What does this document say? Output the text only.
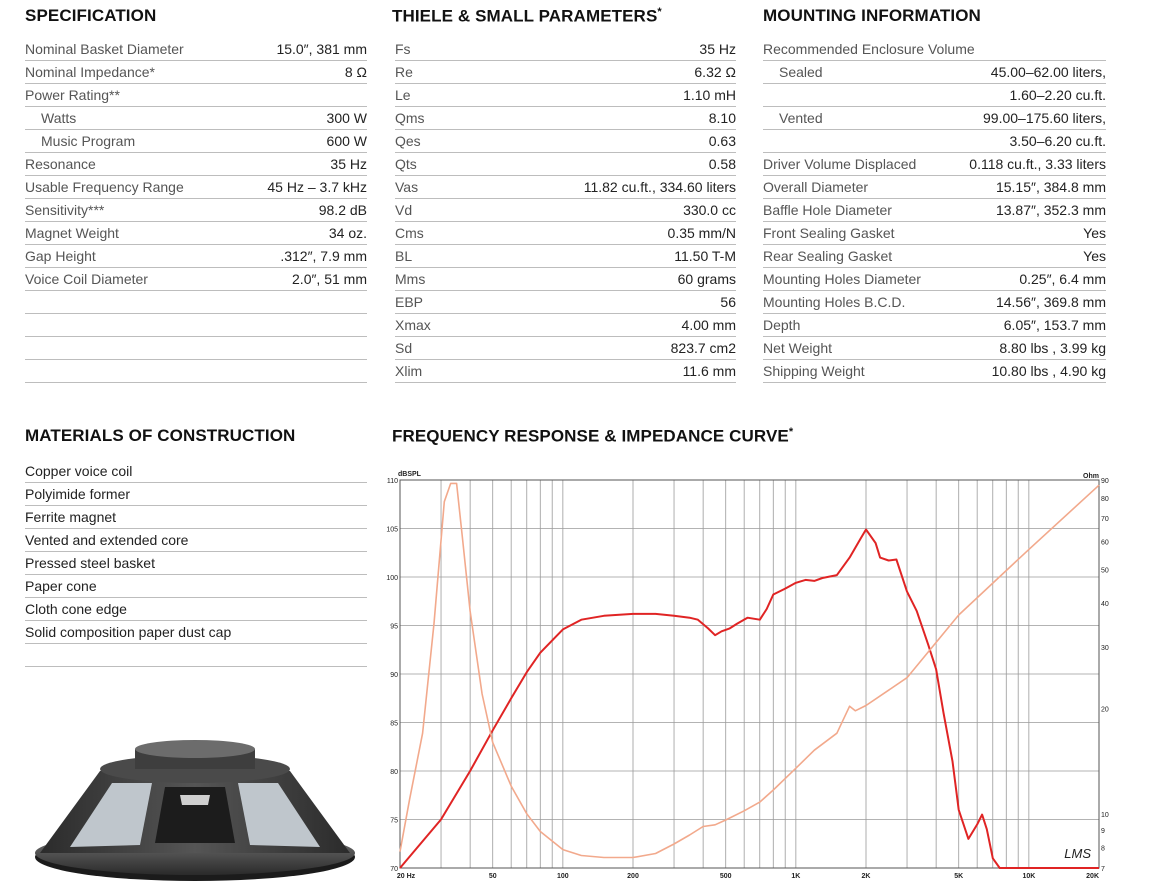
SPECIFICATION	THIELE & SMALL PARAMETERS*	MOUNTING INFORMATION
Nominal Basket Diameter	15.0″, 381 mm
Nominal Impedance*	8 Ω
Power Rating**
Watts	300 W
Music Program	600 W
Resonance	35 Hz
Usable Frequency Range	45 Hz – 3.7 kHz
Sensitivity***	98.2 dB
Magnet Weight	34 oz.
Gap Height	.312″, 7.9 mm
Voice Coil Diameter	2.0″, 51 mm
Fs	35 Hz
Re	6.32 Ω
Le	1.10 mH
Qms	8.10
Qes	0.63
Qts	0.58
Vas	11.82 cu.ft., 334.60 liters
Vd	330.0 cc
Cms	0.35 mm/N
BL	11.50 T-M
Mms	60 grams
EBP	56
Xmax	4.00 mm
Sd	823.7 cm2
Xlim	11.6 mm
Recommended Enclosure Volume
Sealed	45.00–62.00 liters,
1.60–2.20 cu.ft.
Vented	99.00–175.60 liters,
3.50–6.20 cu.ft.
Driver Volume Displaced	0.118 cu.ft., 3.33 liters
Overall Diameter	15.15″, 384.8 mm
Baffle Hole Diameter	13.87″, 352.3 mm
Front Sealing Gasket	Yes
Rear Sealing Gasket	Yes
Mounting Holes Diameter	0.25″, 6.4 mm
Mounting Holes B.C.D.	14.56″, 369.8 mm
Depth	6.05″, 153.7 mm
Net Weight	8.80 lbs , 3.99 kg
Shipping Weight	10.80 lbs , 4.90 kg
MATERIALS OF CONSTRUCTION
Copper voice coil
Polyimide former
Ferrite magnet
Vented and extended core
Pressed steel basket
Paper cone
Cloth cone edge
Solid composition paper dust cap
FREQUENCY RESPONSE & IMPEDANCE CURVE*
70
75
80
85
90
95
100
105
110
7
8
9
10
20
30
40
50
60
70
80
90
20 Hz	50	100	200	500	1K	2K	5K	10K	20K
dBSPL	Ohm
LMS
